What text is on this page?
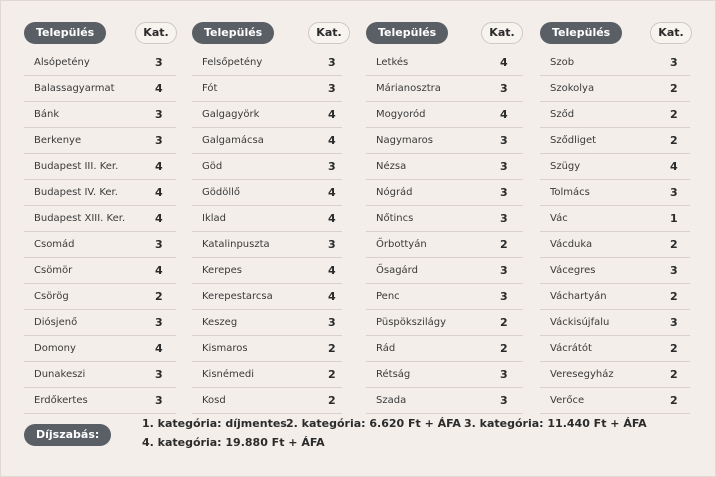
Település	Kat.
Alsópetény	3
Balassagyarmat	4
Bánk	3
Berkenye	3
Budapest III. Ker.	4
Budapest IV. Ker.	4
Budapest XIII. Ker.	4
Csomád	3
Csömör	4
Csörög	2
Diósjenő	3
Domony	4
Dunakeszi	3
Erdőkertes	3
Település	Kat.
Felsőpetény	3
Fót	3
Galgagyörk	4
Galgamácsa	4
Göd	3
Gödöllő	4
Iklad	4
Katalinpuszta	3
Kerepes	4
Kerepestarcsa	4
Keszeg	3
Kismaros	2
Kisnémedi	2
Kosd	2
Település	Kat.
Letkés	4
Márianosztra	3
Mogyoród	4
Nagymaros	3
Nézsa	3
Nógrád	3
Nőtincs	3
Őrbottyán	2
Ősagárd	3
Penc	3
Püspökszilágy	2
Rád	2
Rétság	3
Szada	3
Település	Kat.
Szob	3
Szokolya	2
Sződ	2
Sződliget	2
Szügy	4
Tolmács	3
Vác	1
Vácduka	2
Vácegres	3
Váchartyán	2
Váckisújfalu	3
Vácrátót	2
Veresegyház	2
Verőce	2
Díjszabás:
1. kategória: díjmentes 2. kategória: 6.620 Ft + ÁFA 3. kategória: 11.440 Ft + ÁFA
4. kategória: 19.880 Ft + ÁFA
